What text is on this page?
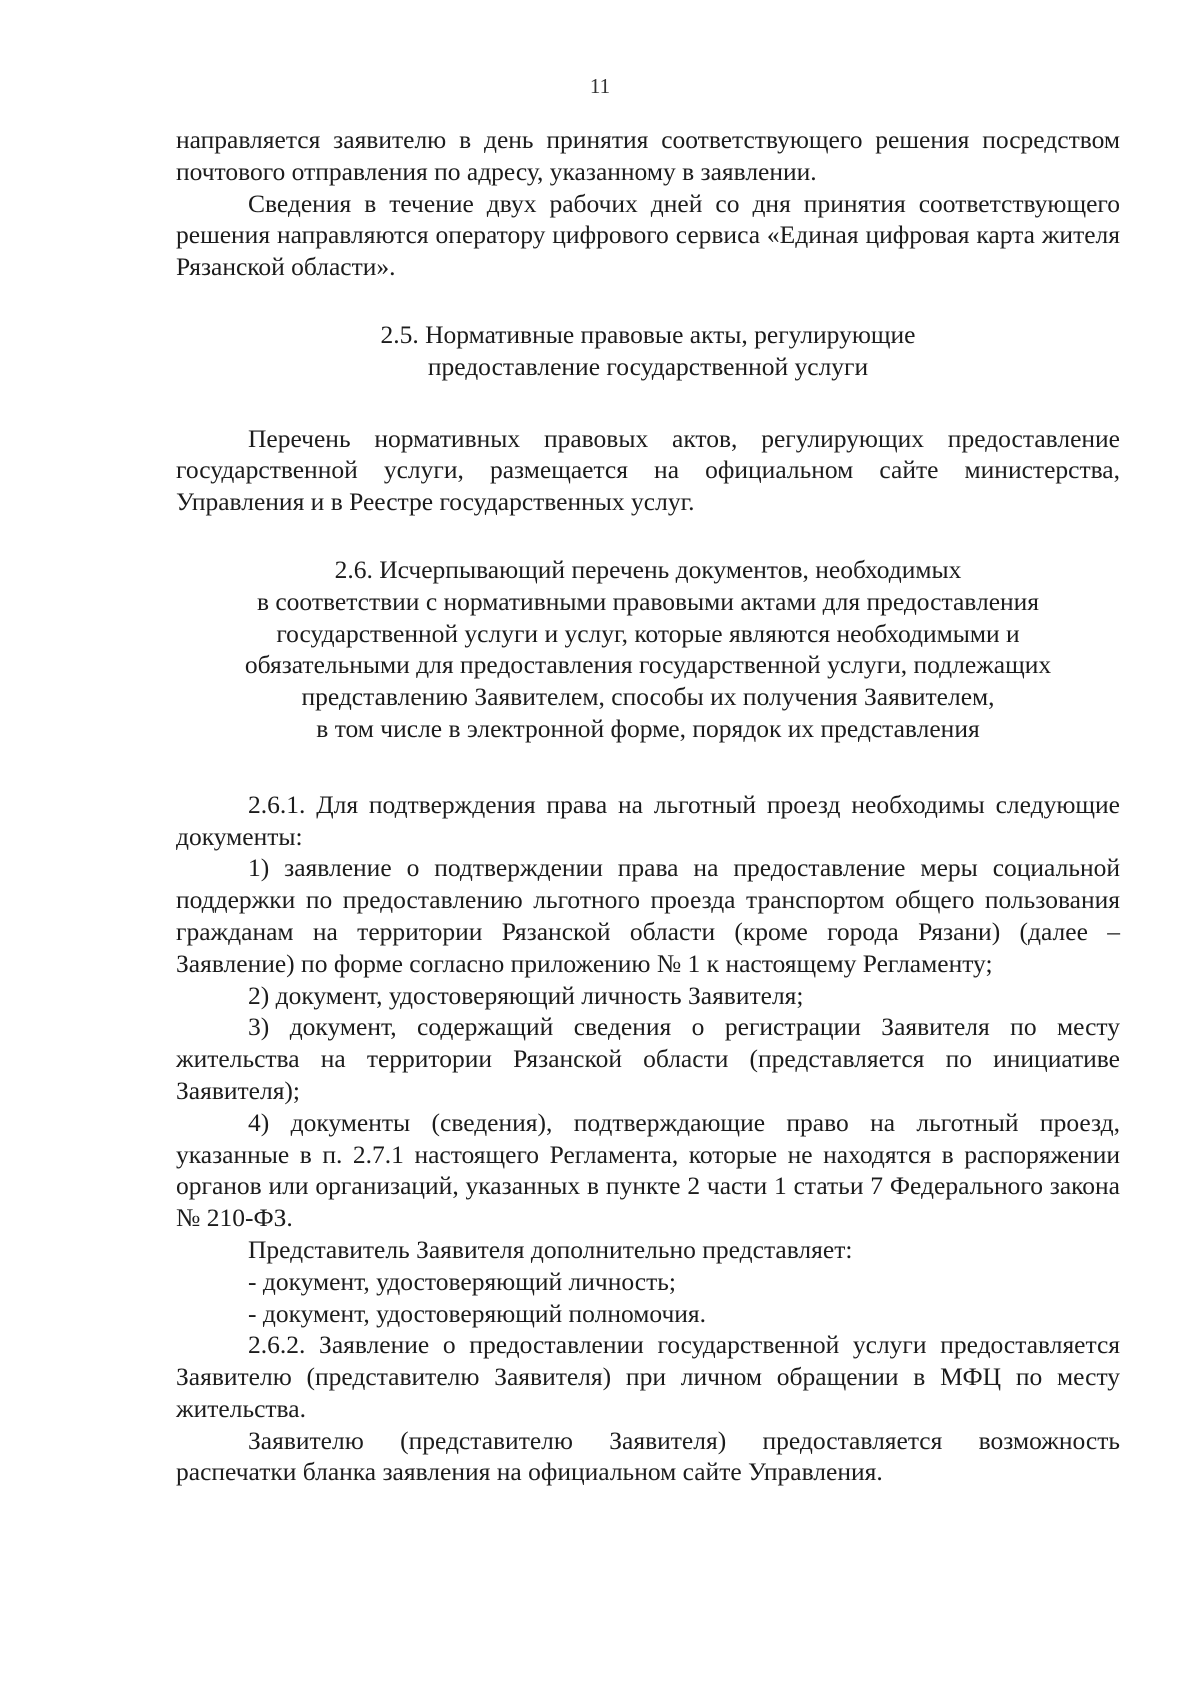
11

направляется заявителю в день принятия соответствующего решения посредством почтового отправления по адресу, указанному в заявлении.

Сведения в течение двух рабочих дней со дня принятия соответствующего решения направляются оператору цифрового сервиса «Единая цифровая карта жителя Рязанской области».

2.5. Нормативные правовые акты, регулирующие
предоставление государственной услуги

Перечень нормативных правовых актов, регулирующих предоставление государственной услуги, размещается на официальном сайте министерства, Управления и в Реестре государственных услуг.

2.6. Исчерпывающий перечень документов, необходимых
в соответствии с нормативными правовыми актами для предоставления
государственной услуги и услуг, которые являются необходимыми и
обязательными для предоставления государственной услуги, подлежащих
представлению Заявителем, способы их получения Заявителем,
в том числе в электронной форме, порядок их представления

2.6.1. Для подтверждения права на льготный проезд необходимы следующие документы:

1) заявление о подтверждении права на предоставление меры социальной поддержки по предоставлению льготного проезда транспортом общего пользования гражданам на территории Рязанской области (кроме города Рязани) (далее – Заявление) по форме согласно приложению № 1 к настоящему Регламенту;

2) документ, удостоверяющий личность Заявителя;

3) документ, содержащий сведения о регистрации Заявителя по месту жительства на территории Рязанской области (представляется по инициативе Заявителя);

4) документы (сведения), подтверждающие право на льготный проезд, указанные в п. 2.7.1 настоящего Регламента, которые не находятся в распоряжении органов или организаций, указанных в пункте 2 части 1 статьи 7 Федерального закона № 210-ФЗ.

Представитель Заявителя дополнительно представляет:

- документ, удостоверяющий личность;

- документ, удостоверяющий полномочия.

2.6.2. Заявление о предоставлении государственной услуги предоставляется Заявителю (представителю Заявителя) при личном обращении в МФЦ по месту жительства.

Заявителю (представителю Заявителя) предоставляется возможность распечатки бланка заявления на официальном сайте Управления.
